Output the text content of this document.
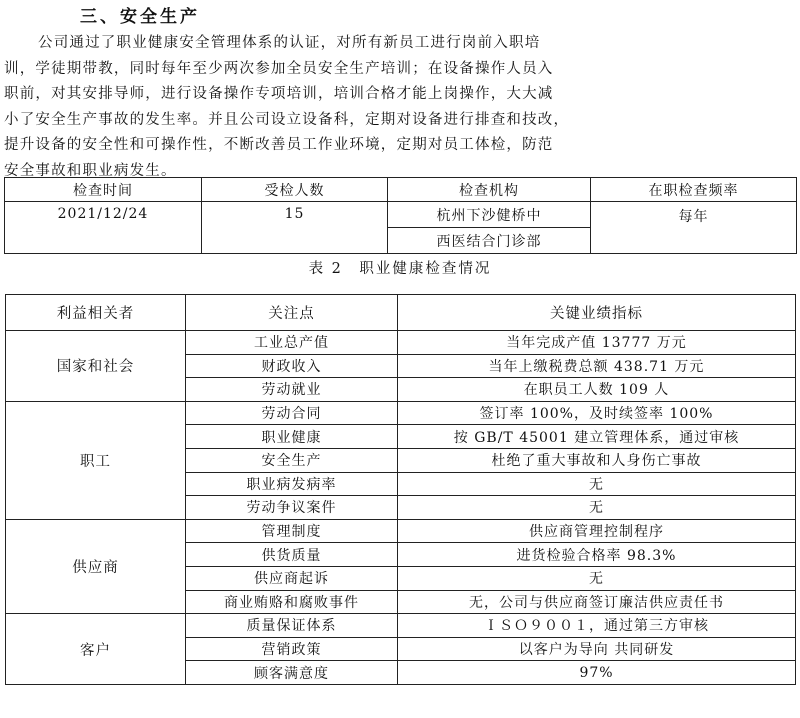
三、安全生产
公司通过了职业健康安全管理体系的认证，对所有新员工进行岗前入职培
训，学徒期带教，同时每年至少两次参加全员安全生产培训；在设备操作人员入
职前，对其安排导师，进行设备操作专项培训，培训合格才能上岗操作，大大减
小了安全生产事故的发生率。并且公司设立设备科，定期对设备进行排查和技改，
提升设备的安全性和可操作性，不断改善员工作业环境，定期对员工体检，防范
安全事故和职业病发生。
检查时间	受检人数	检查机构	在职检查频率
2021/12/24	15	杭州下沙健桥中	每年
		西医结合门诊部	
表 2　职业健康检查情况
利益相关者	关注点	关键业绩指标
国家和社会	工业总产值	当年完成产值 13777 万元
	财政收入	当年上缴税费总额 438.71 万元
	劳动就业	在职员工人数 109 人
职工	劳动合同	签订率 100%，及时续签率 100%
	职业健康	按 GB/T 45001 建立管理体系，通过审核
	安全生产	杜绝了重大事故和人身伤亡事故
	职业病发病率	无
	劳动争议案件	无
供应商	管理制度	供应商管理控制程序
	供货质量	进货检验合格率 98.3%
	供应商起诉	无
	商业贿赂和腐败事件	无，公司与供应商签订廉洁供应责任书
客户	质量保证体系	ＩＳＯ９００１，通过第三方审核
	营销政策	以客户为导向 共同研发
	顾客满意度	97%
